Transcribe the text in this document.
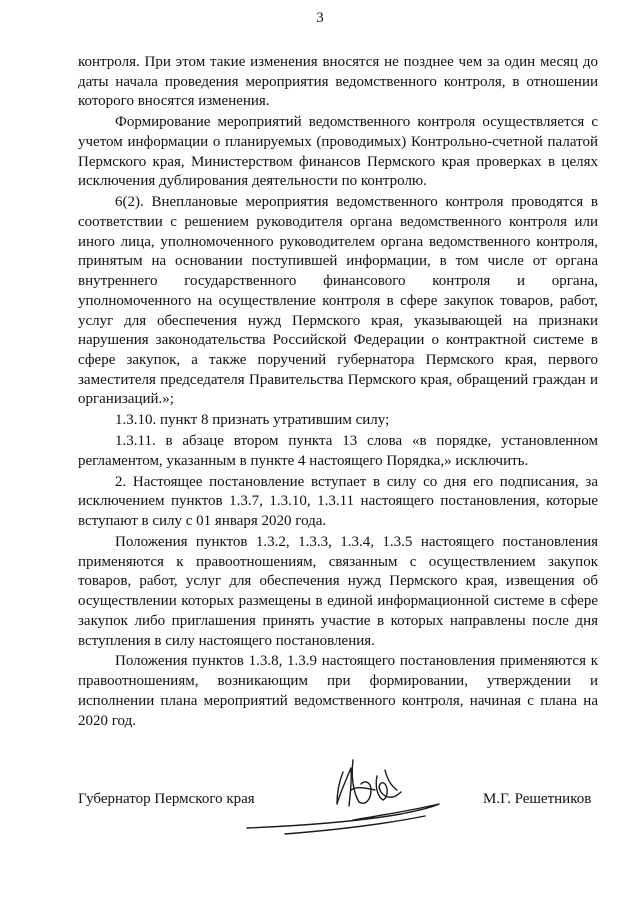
3

контроля. При этом такие изменения вносятся не позднее чем за один месяц до даты начала проведения мероприятия ведомственного контроля, в отношении которого вносятся изменения.

Формирование мероприятий ведомственного контроля осуществляется с учетом информации о планируемых (проводимых) Контрольно-счетной палатой Пермского края, Министерством финансов Пермского края проверках в целях исключения дублирования деятельности по контролю.

6(2). Внеплановые мероприятия ведомственного контроля проводятся в соответствии с решением руководителя органа ведомственного контроля или иного лица, уполномоченного руководителем органа ведомственного контроля, принятым на основании поступившей информации, в том числе от органа внутреннего государственного финансового контроля и органа, уполномоченного на осуществление контроля в сфере закупок товаров, работ, услуг для обеспечения нужд Пермского края, указывающей на признаки нарушения законодательства Российской Федерации о контрактной системе в сфере закупок, а также поручений губернатора Пермского края, первого заместителя председателя Правительства Пермского края, обращений граждан и организаций.»;

1.3.10. пункт 8 признать утратившим силу;

1.3.11. в абзаце втором пункта 13 слова «в порядке, установленном регламентом, указанным в пункте 4 настоящего Порядка,» исключить.

2. Настоящее постановление вступает в силу со дня его подписания, за исключением пунктов 1.3.7, 1.3.10, 1.3.11 настоящего постановления, которые вступают в силу с 01 января 2020 года.

Положения пунктов 1.3.2, 1.3.3, 1.3.4, 1.3.5 настоящего постановления применяются к правоотношениям, связанным с осуществлением закупок товаров, работ, услуг для обеспечения нужд Пермского края, извещения об осуществлении которых размещены в единой информационной системе в сфере закупок либо приглашения принять участие в которых направлены после дня вступления в силу настоящего постановления.

Положения пунктов 1.3.8, 1.3.9 настоящего постановления применяются к правоотношениям, возникающим при формировании, утверждении и исполнении плана мероприятий ведомственного контроля, начиная с плана на 2020 год.

Губернатор Пермского края	М.Г. Решетников
